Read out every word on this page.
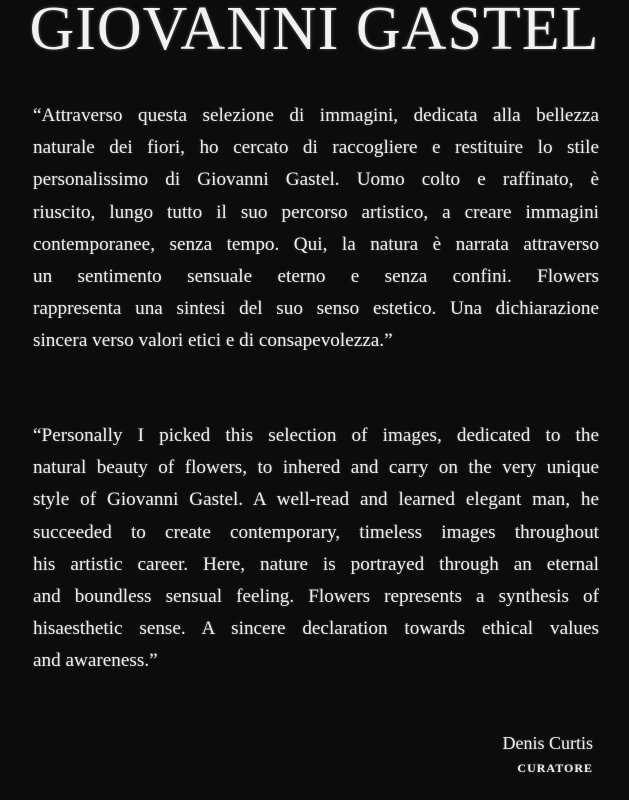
GIOVANNI GASTEL
“Attraverso questa selezione di immagini, dedicata alla bellezza
naturale dei fiori, ho cercato di raccogliere e restituire lo stile
personalissimo di Giovanni Gastel. Uomo colto e raffinato, è
riuscito, lungo tutto il suo percorso artistico, a creare immagini
contemporanee, senza tempo. Qui, la natura è narrata attraverso
un sentimento sensuale eterno e senza confini. Flowers
rappresenta una sintesi del suo senso estetico. Una dichiarazione
sincera verso valori etici e di consapevolezza.”
“Personally I picked this selection of images, dedicated to the
natural beauty of flowers, to inhered and carry on the very unique
style of Giovanni Gastel. A well-read and learned elegant man, he
succeeded to create contemporary, timeless images throughout
his artistic career. Here, nature is portrayed through an eternal
and boundless sensual feeling. Flowers represents a synthesis of
hisaesthetic sense. A sincere declaration towards ethical values
and awareness.”
Denis Curtis
CURATORE
